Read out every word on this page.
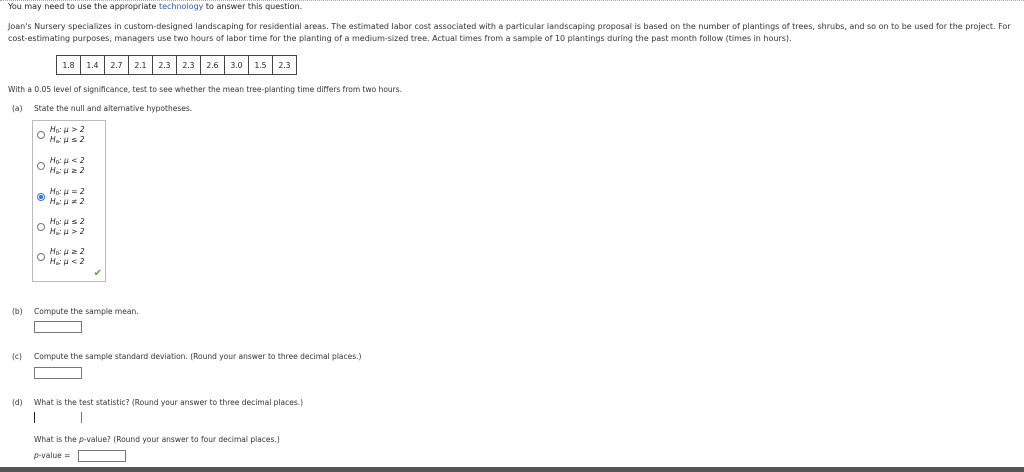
You may need to use the appropriate technology to answer this question.
Joan's Nursery specializes in custom-designed landscaping for residential areas. The estimated labor cost associated with a particular landscaping proposal is based on the number of plantings of trees, shrubs, and so on to be used for the project. For cost-estimating purposes, managers use two hours of labor time for the planting of a medium-sized tree. Actual times from a sample of 10 plantings during the past month follow (times in hours).
1.8	1.4	2.7	2.1	2.3	2.3	2.6	3.0	1.5	2.3
With a 0.05 level of significance, test to see whether the mean tree-planting time differs from two hours.
(a) State the null and alternative hypotheses.
H0: μ > 2
Ha: μ ≤ 2
H0: μ < 2
Ha: μ ≥ 2
H0: μ = 2
Ha: μ ≠ 2
H0: μ ≤ 2
Ha: μ > 2
H0: μ ≥ 2
Ha: μ < 2
✔
(b) Compute the sample mean.
(c) Compute the sample standard deviation. (Round your answer to three decimal places.)
(d) What is the test statistic? (Round your answer to three decimal places.)
What is the p-value? (Round your answer to four decimal places.)
p-value =
